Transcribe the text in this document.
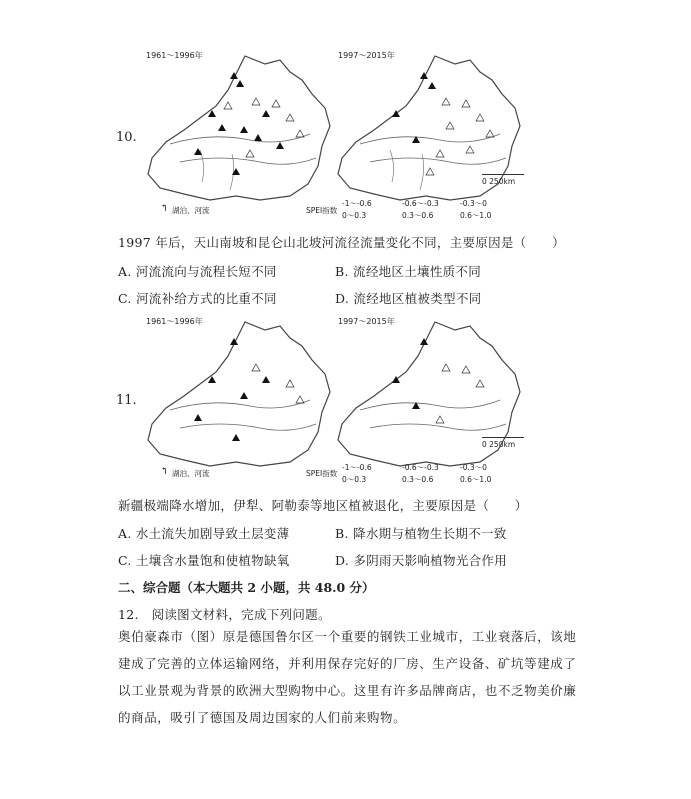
1961～1996年	1997～2015年
0 250km
湖泊、河流
↰	SPEI指数
-1～-0.6	-0.6～-0.3	-0.3～0
0～0.3	0.3～0.6	0.6～1.0
10.
1997 年后，天山南坡和昆仑山北坡河流径流量变化不同，主要原因是（　　）
A. 河流流向与流程长短不同	B. 流经地区土壤性质不同
C. 河流补给方式的比重不同	D. 流经地区植被类型不同
1961～1996年	1997～2015年
0 250km
湖泊、河流
↰	SPEI指数
-1～-0.6	-0.6～-0.3	-0.3～0
0～0.3	0.3～0.6	0.6～1.0
11.
新疆极端降水增加，伊犁、阿勒泰等地区植被退化，主要原因是（　　）
A. 水土流失加剧导致土层变薄	B. 降水期与植物生长期不一致
C. 土壤含水量饱和使植物缺氧	D. 多阴雨天影响植物光合作用
二、综合题（本大题共 2 小题，共 48.0 分）
12.　阅读图文材料，完成下列问题。
奥伯豪森市（图）原是德国鲁尔区一个重要的钢铁工业城市，工业衰落后，该地建成了完善的立体运输网络，并利用保存完好的厂房、生产设备、矿坑等建成了以工业景观为背景的欧洲大型购物中心。这里有许多品牌商店，也不乏物美价廉的商品，吸引了德国及周边国家的人们前来购物。
